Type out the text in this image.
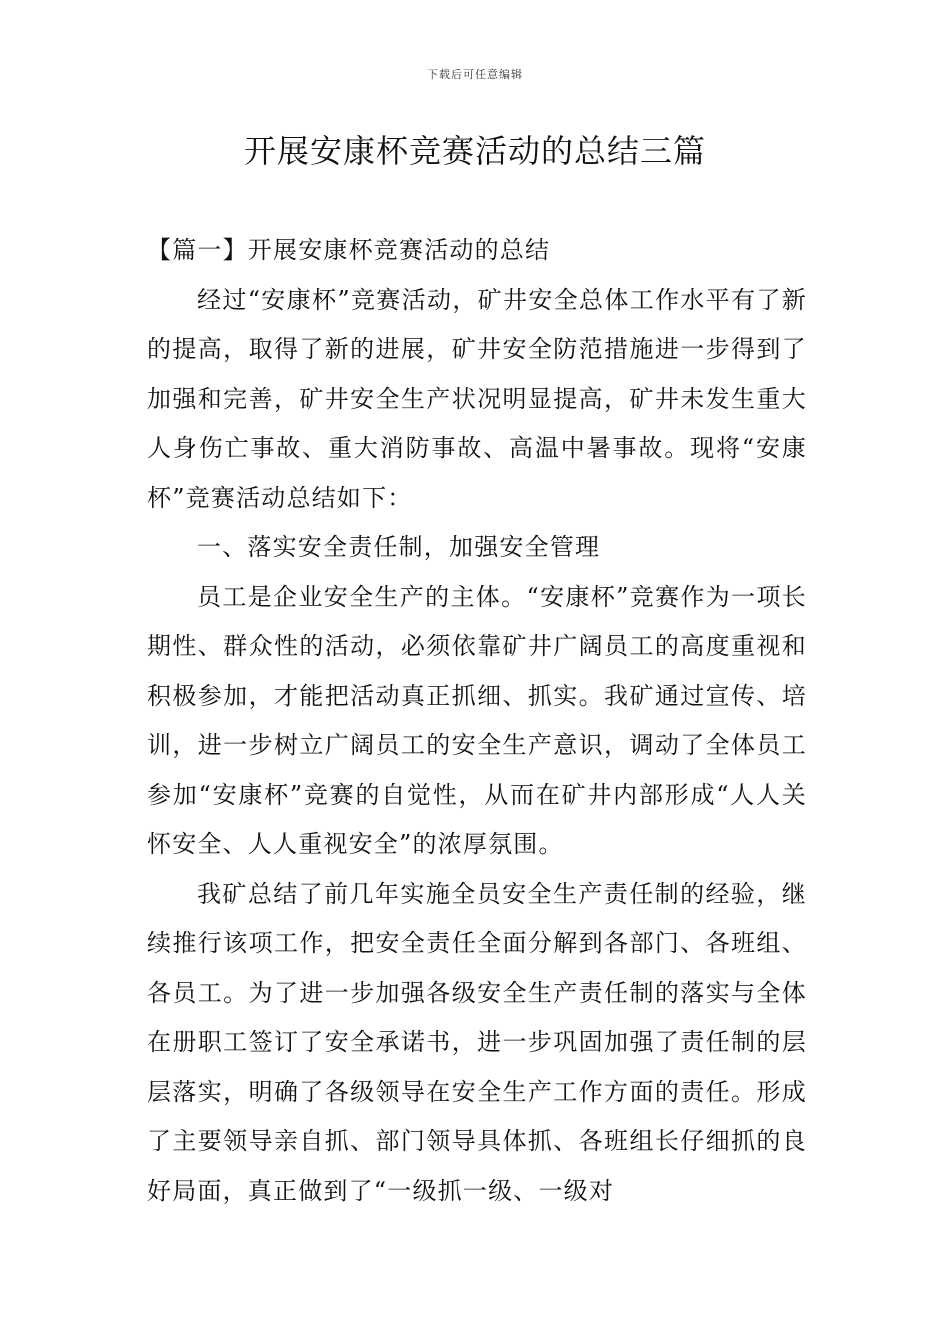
下载后可任意编辑
开展安康杯竞赛活动的总结三篇

【篇一】开展安康杯竞赛活动的总结

经过“安康杯”竞赛活动，矿井安全总体工作水平有了新的提高，取得了新的进展，矿井安全防范措施进一步得到了加强和完善，矿井安全生产状况明显提高，矿井未发生重大人身伤亡事故、重大消防事故、高温中暑事故。现将“安康杯”竞赛活动总结如下：

一、落实安全责任制，加强安全管理

员工是企业安全生产的主体。“安康杯”竞赛作为一项长期性、群众性的活动，必须依靠矿井广阔员工的高度重视和积极参加，才能把活动真正抓细、抓实。我矿通过宣传、培训，进一步树立广阔员工的安全生产意识，调动了全体员工参加“安康杯”竞赛的自觉性，从而在矿井内部形成“人人关怀安全、人人重视安全”的浓厚氛围。

我矿总结了前几年实施全员安全生产责任制的经验，继续推行该项工作，把安全责任全面分解到各部门、各班组、各员工。为了进一步加强各级安全生产责任制的落实与全体在册职工签订了安全承诺书，进一步巩固加强了责任制的层层落实，明确了各级领导在安全生产工作方面的责任。形成了主要领导亲自抓、部门领导具体抓、各班组长仔细抓的良好局面，真正做到了“一级抓一级、一级对
